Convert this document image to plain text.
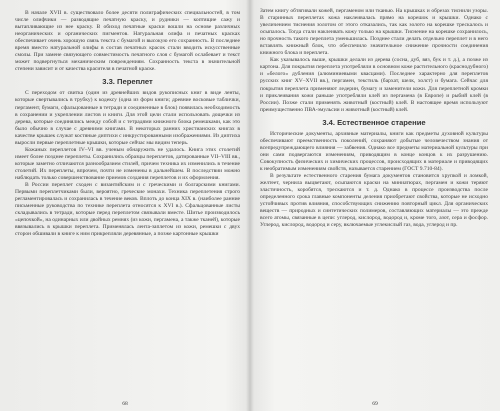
В начале XVII в. существовало более десяти полиграфических специальностей, в том числе олифчики — разводящие печатную краску, и рудники — коптящие сажу и вытапливающие из нее краску. В обиход печатные краски вошли на основе различных неорганических и органических пигментов. Натуральная олифа и печатных красках обеспечивает очень хорошую связь текста с бумагой и высокую его сохранность. В последнее время вместо натуральной олифы в состав печатных красок стали вводить искусственные смолы. При замене связующего совместимость печатного слоя с бумагой ослабевает и текст может подвергнуться механическим повреждениям. Сохранность текста в значительной степени зависит и от качества красителя в печатной краске.

3.3. Переплет

С переходом от свитка (один из древнейших видов рукописных книг в виде ленты, которые свертывались в трубку) к кодексу (одна из форм книги; древние восковые таблички, пергамент, бумаги, сфальцованные в тетради и соединенные в блок) появилась необходимость в сохранении и укреплении листов и книги. Для этой цели стали использовать дощечки из дерева, которые соединялись между собой и с тетрадями книжного блока ремешками, как это было обычно в случае с древними книгами. В некоторых ранних христианских книгах в качестве крышек служат костяные диптихи с инкрустированными изображениями. Из диптиха выросли первые переплетные крышки, которые сейчас мы видим теперь.

Кожаных переплетов IV–VI вв. ученым обнаружить не удалось. Книга этих столетий имеет более позднее переплеты. Сохранились образцы переплетов, датированные VII–VIII вв., которые заметно отличаются разнообразием стилей, причем техника их изменились в течение столетий. Их переплеты, впрочем, почти не изменены в дальнейшем. В последствии можно наблюдать только совершенствование приемов создания переплетов и их оформления.

В России переплет сходен с византийским и с греческими и болгарскими книгами. Первыми переплетчиками были, вероятно, греческие монахи. Техника переплетения строго регламентировалась и сохранилась в течение веков. Вплоть до конца XIX в. (наиболее ранние письменные руководства по технике переплета относятся к XVI в.). Сфальцованные листы складывались в тетради, которые перед переплетом связывали вместе. Шитье производилось «цепочкой», на одинарных или двойных ремнях (из кожи, пергамена, а также тканей), которые ввязывались в крышки переплета. Применялась лента-заплетом из кожи, ремешки с двух сторон обшивали в книге к ним прикрепляли деревянные, а позже картонные крышки

68

Затем книгу обтягивали кожей, пергаменом или тканью. На крышках и обрезах тиснили узоры. В старинных переплетах кожа наклеивалась прямо на корешок и крышки. Однако с увеличением тиснения золотом от этого отказались, так как золото на корешке трескалось и осыпалось. Тогда стали наклеивать кожу только на крышки. Тиснение на корешке сохранилось, но прочность такого переплета уменьшилась. Позднее стали делать отдельно переплет и в него вставлять книжный блок, что обеспечило значительное снижение прочности соединения книжного блока и переплета.

Как указывалось выше, крышки делали из дерева (сосна, дуб, вяз, бук и т. д.), а позже из картона. Для покрытия переплета употребляли в основном коже растительного (краснодубного) и «белого» дубления (алюминиевыми квасцами). Последнее характерно для переплетов русских книг XV–XVII вв.), пергамен, текстиль (бархат, шелк, холст) и бумага. Сейчас для покрытия переплета применяют ледерин, бумагу и заменители кожи. Для переплетной кромки и приклеивания кожи раньше употребляли клей из пергамена (в Европе) и рыбий клей (в России). Позже стали применять животный (костный) клей. В настоящее время используют преимущественно ПВА-эмульсии и животный (костный) клей.

3.4. Естественное старение

Исторические документы, архивные материалы, книги как предметы духовной культуры обеспечивают преемственность поколений, сохраняют добытые человечеством знания от всепредупреждающего влияния — забвения. Однако все предметы материальной культуры при они сами подвергаются изменениям, приводящим в конце концов к их разрушению. Совокупность физических и химических процессов, происходящих в материале и приводящих к необратимым изменениям свойств, называется старением (ГОСТ 9.710-84).

В результате естественного старения бумага документов становится хрупкой и ломкой, желтеет, чернила выцветают, осыпаются краски на миниатюрах, пергамен и кожи теряют эластичность, коробятся, трескаются и т. д. Однако в процессе производства после определенного срока главные компоненты деления приобретают свойства, которые не исходно устойчивых против влияния, способствующих снижению повторный цикл. Для органических веществ — природных и синтетических полимеров, составляющих материалы — это прежде всего атомы, связанные в цепи: углерод, кислород, водород и, кроме того, азот, сера и фосфор. Углерод, кислород, водород и серу, включаемые углекислый газ, вода, углерод и пр.

69
